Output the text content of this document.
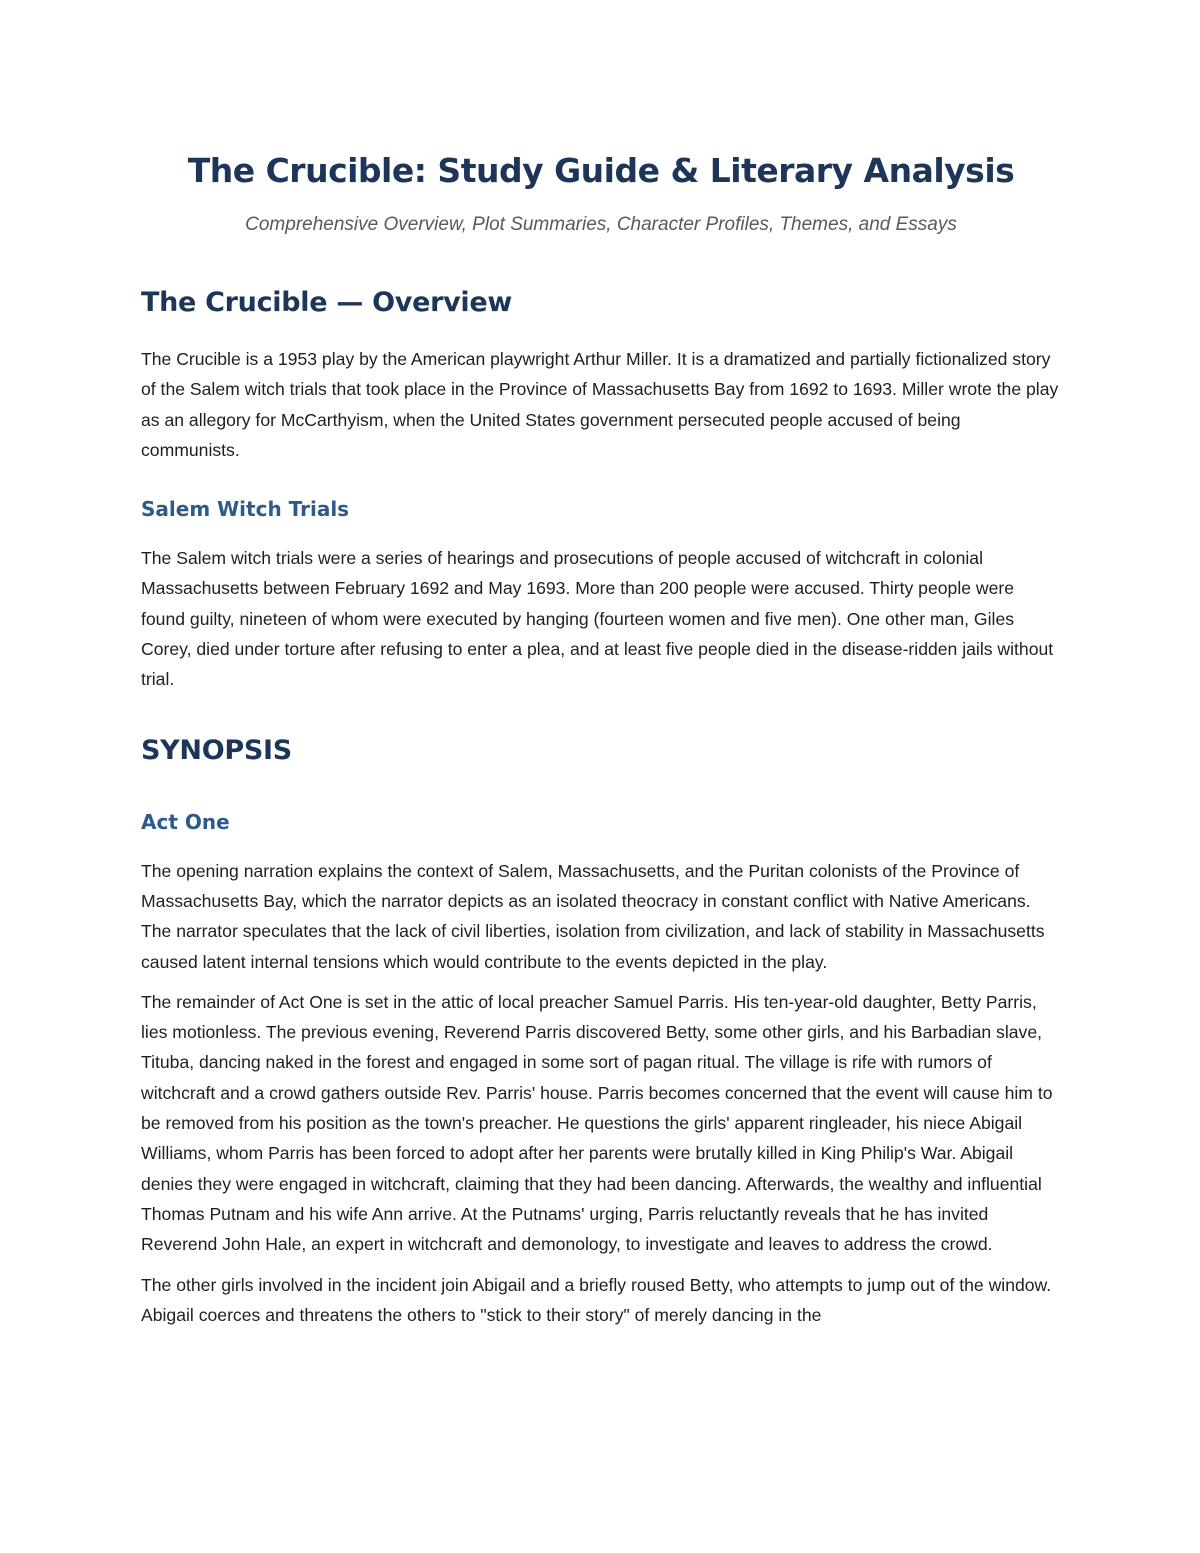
The Crucible: Study Guide & Literary Analysis

Comprehensive Overview, Plot Summaries, Character Profiles, Themes, and Essays

The Crucible — Overview

The Crucible is a 1953 play by the American playwright Arthur Miller. It is a dramatized and partially fictionalized story of the Salem witch trials that took place in the Province of Massachusetts Bay from 1692 to 1693. Miller wrote the play as an allegory for McCarthyism, when the United States government persecuted people accused of being communists.

Salem Witch Trials

The Salem witch trials were a series of hearings and prosecutions of people accused of witchcraft in colonial Massachusetts between February 1692 and May 1693. More than 200 people were accused. Thirty people were found guilty, nineteen of whom were executed by hanging (fourteen women and five men). One other man, Giles Corey, died under torture after refusing to enter a plea, and at least five people died in the disease-ridden jails without trial.

SYNOPSIS
Act One

The opening narration explains the context of Salem, Massachusetts, and the Puritan colonists of the Province of Massachusetts Bay, which the narrator depicts as an isolated theocracy in constant conflict with Native Americans. The narrator speculates that the lack of civil liberties, isolation from civilization, and lack of stability in Massachusetts caused latent internal tensions which would contribute to the events depicted in the play.

The remainder of Act One is set in the attic of local preacher Samuel Parris. His ten-year-old daughter, Betty Parris, lies motionless. The previous evening, Reverend Parris discovered Betty, some other girls, and his Barbadian slave, Tituba, dancing naked in the forest and engaged in some sort of pagan ritual. The village is rife with rumors of witchcraft and a crowd gathers outside Rev. Parris' house. Parris becomes concerned that the event will cause him to be removed from his position as the town's preacher. He questions the girls' apparent ringleader, his niece Abigail Williams, whom Parris has been forced to adopt after her parents were brutally killed in King Philip's War. Abigail denies they were engaged in witchcraft, claiming that they had been dancing. Afterwards, the wealthy and influential Thomas Putnam and his wife Ann arrive. At the Putnams' urging, Parris reluctantly reveals that he has invited Reverend John Hale, an expert in witchcraft and demonology, to investigate and leaves to address the crowd.

The other girls involved in the incident join Abigail and a briefly roused Betty, who attempts to jump out of the window. Abigail coerces and threatens the others to "stick to their story" of merely dancing in the
